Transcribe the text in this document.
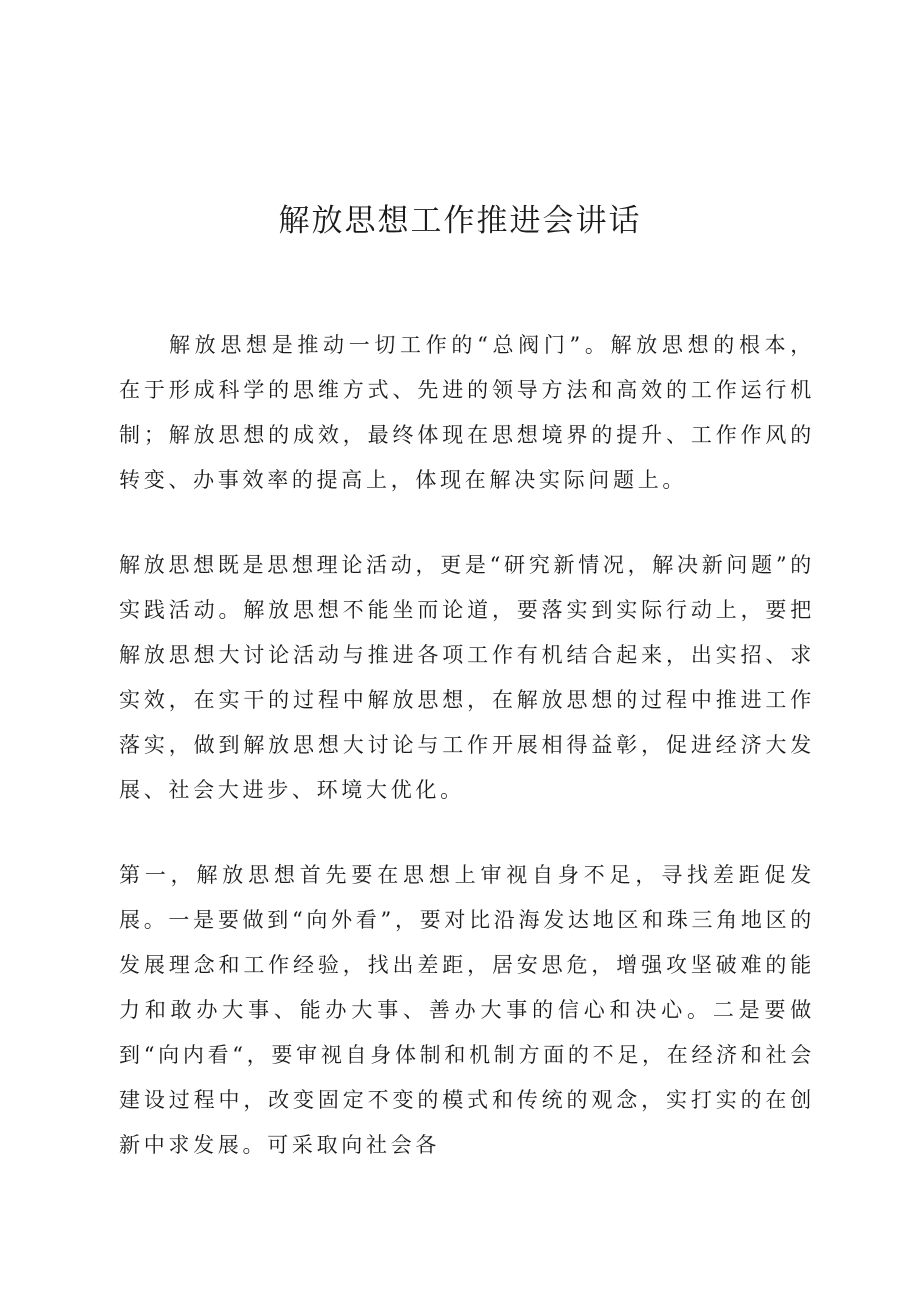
解放思想工作推进会讲话

解放思想是推动一切工作的“总阀门”。解放思想的根本，在于形成科学的思维方式、先进的领导方法和高效的工作运行机制；解放思想的成效，最终体现在思想境界的提升、工作作风的转变、办事效率的提高上，体现在解决实际问题上。

解放思想既是思想理论活动，更是“研究新情况，解决新问题”的实践活动。解放思想不能坐而论道，要落实到实际行动上，要把解放思想大讨论活动与推进各项工作有机结合起来，出实招、求实效，在实干的过程中解放思想，在解放思想的过程中推进工作落实，做到解放思想大讨论与工作开展相得益彰，促进经济大发展、社会大进步、环境大优化。

第一，解放思想首先要在思想上审视自身不足，寻找差距促发展。一是要做到“向外看”，要对比沿海发达地区和珠三角地区的发展理念和工作经验，找出差距，居安思危，增强攻坚破难的能力和敢办大事、能办大事、善办大事的信心和决心。二是要做到“向内看“，要审视自身体制和机制方面的不足，在经济和社会建设过程中，改变固定不变的模式和传统的观念，实打实的在创新中求发展。可采取向社会各
